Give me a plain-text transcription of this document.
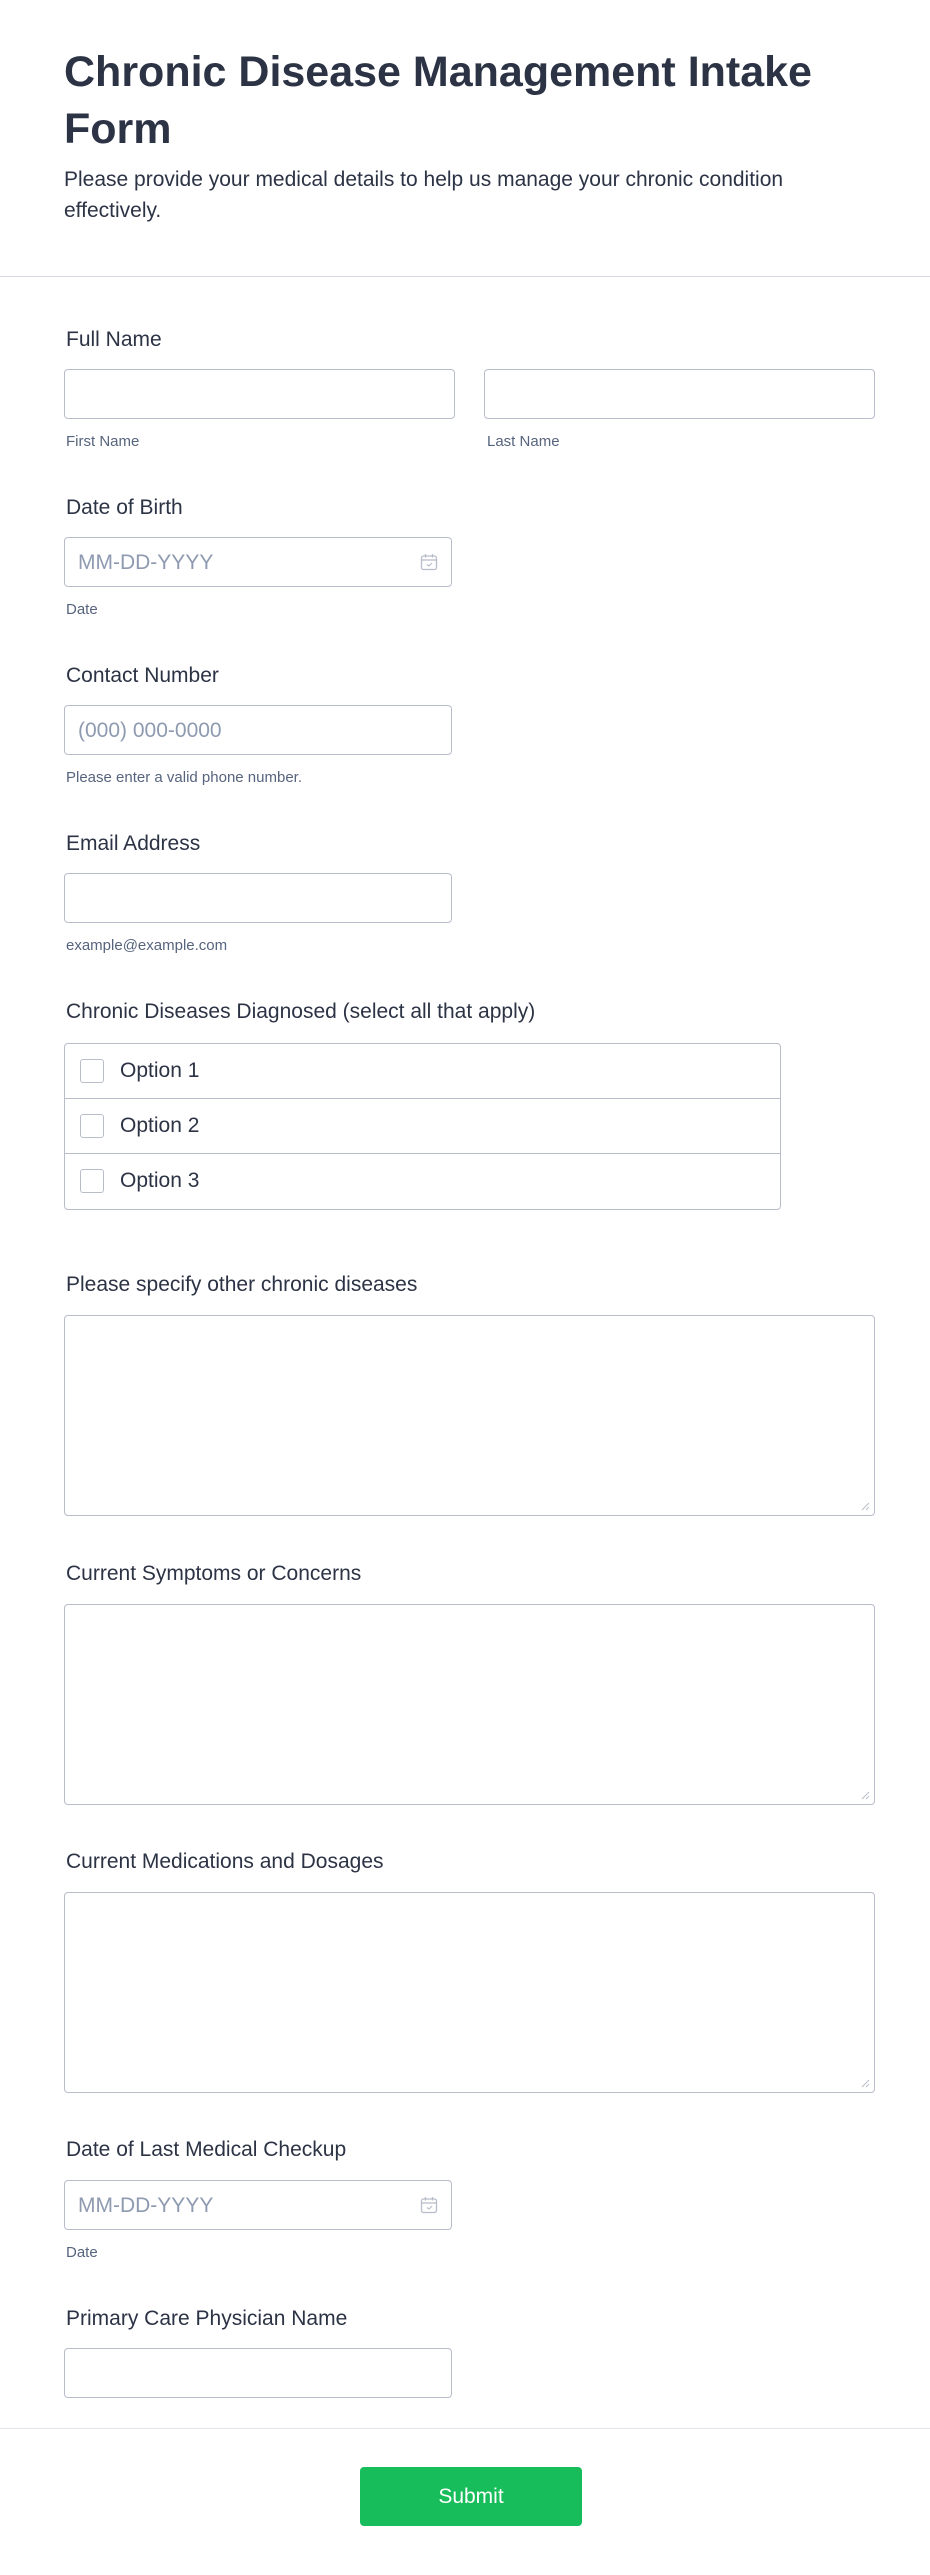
Chronic Disease Management Intake Form

Please provide your medical details to help us manage your chronic condition effectively.

Full Name
First Name	Last Name
Date of Birth
MM-DD-YYYY
Date
Contact Number
(000) 000-0000
Please enter a valid phone number.
Email Address
example@example.com
Chronic Diseases Diagnosed (select all that apply)
Option 1
Option 2
Option 3
Please specify other chronic diseases
Current Symptoms or Concerns
Current Medications and Dosages
Date of Last Medical Checkup
MM-DD-YYYY
Date
Primary Care Physician Name
Submit
